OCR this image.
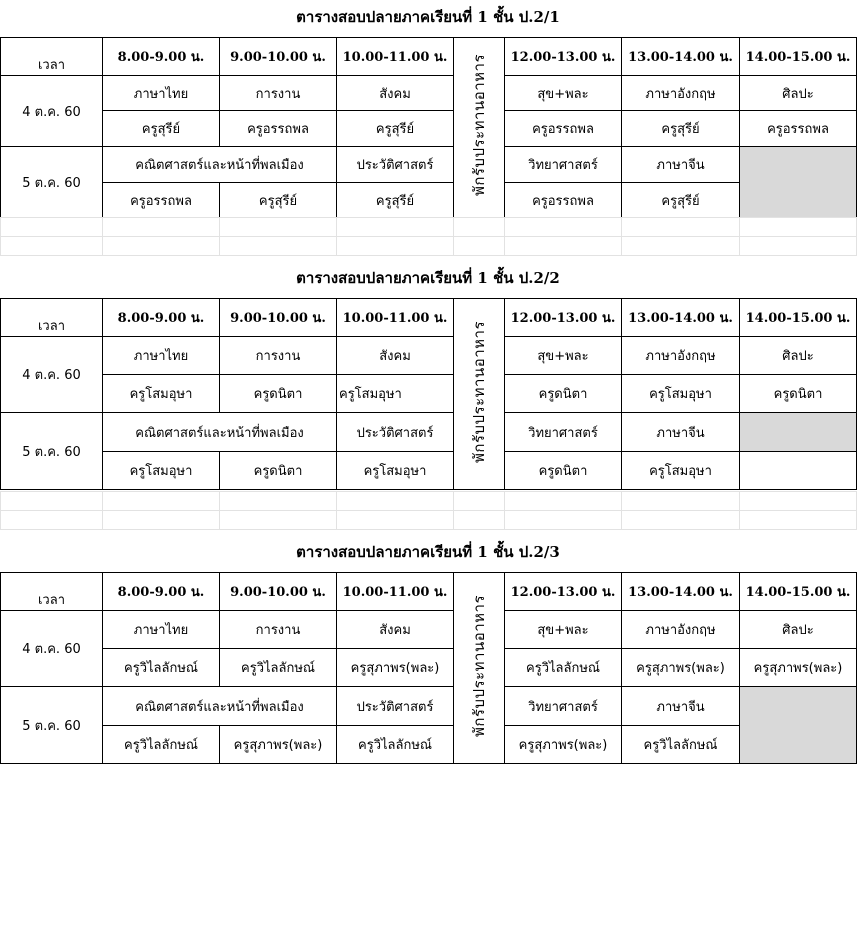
ตารางสอบปลายภาคเรียนที่ 1 ชั้น ป.2/1
เวลา	8.00-9.00 น.	9.00-10.00 น.	10.00-11.00 น.	พักรับประทานอาหาร	12.00-13.00 น.	13.00-14.00 น.	14.00-15.00 น.
4 ต.ค. 60	ภาษาไทย	การงาน	สังคม		สุข+พละ	ภาษาอังกฤษ	ศิลปะ
	ครูสุรีย์	ครูอรรถพล	ครูสุรีย์		ครูอรรถพล	ครูสุรีย์	ครูอรรถพล
5 ต.ค. 60	คณิตศาสตร์และหน้าที่พลเมือง		ประวัติศาสตร์		วิทยาศาสตร์	ภาษาจีน	
	ครูอรรถพล	ครูสุรีย์	ครูสุรีย์		ครูอรรถพล	ครูสุรีย์	

ตารางสอบปลายภาคเรียนที่ 1 ชั้น ป.2/2
เวลา	8.00-9.00 น.	9.00-10.00 น.	10.00-11.00 น.	พักรับประทานอาหาร	12.00-13.00 น.	13.00-14.00 น.	14.00-15.00 น.
4 ต.ค. 60	ภาษาไทย	การงาน	สังคม		สุข+พละ	ภาษาอังกฤษ	ศิลปะ
	ครูโสมอุษา	ครูดนิตา	ครูโสมอุษา		ครูดนิตา	ครูโสมอุษา	ครูดนิตา
5 ต.ค. 60	คณิตศาสตร์และหน้าที่พลเมือง		ประวัติศาสตร์		วิทยาศาสตร์	ภาษาจีน	
	ครูโสมอุษา	ครูดนิตา	ครูโสมอุษา		ครูดนิตา	ครูโสมอุษา	

ตารางสอบปลายภาคเรียนที่ 1 ชั้น ป.2/3
เวลา	8.00-9.00 น.	9.00-10.00 น.	10.00-11.00 น.	พักรับประทานอาหาร	12.00-13.00 น.	13.00-14.00 น.	14.00-15.00 น.
4 ต.ค. 60	ภาษาไทย	การงาน	สังคม		สุข+พละ	ภาษาอังกฤษ	ศิลปะ
	ครูวิไลลักษณ์	ครูวิไลลักษณ์	ครูสุภาพร(พละ)		ครูวิไลลักษณ์	ครูสุภาพร(พละ)	ครูสุภาพร(พละ)
5 ต.ค. 60	คณิตศาสตร์และหน้าที่พลเมือง		ประวัติศาสตร์		วิทยาศาสตร์	ภาษาจีน	
	ครูวิไลลักษณ์	ครูสุภาพร(พละ)	ครูวิไลลักษณ์		ครูสุภาพร(พละ)	ครูวิไลลักษณ์	
